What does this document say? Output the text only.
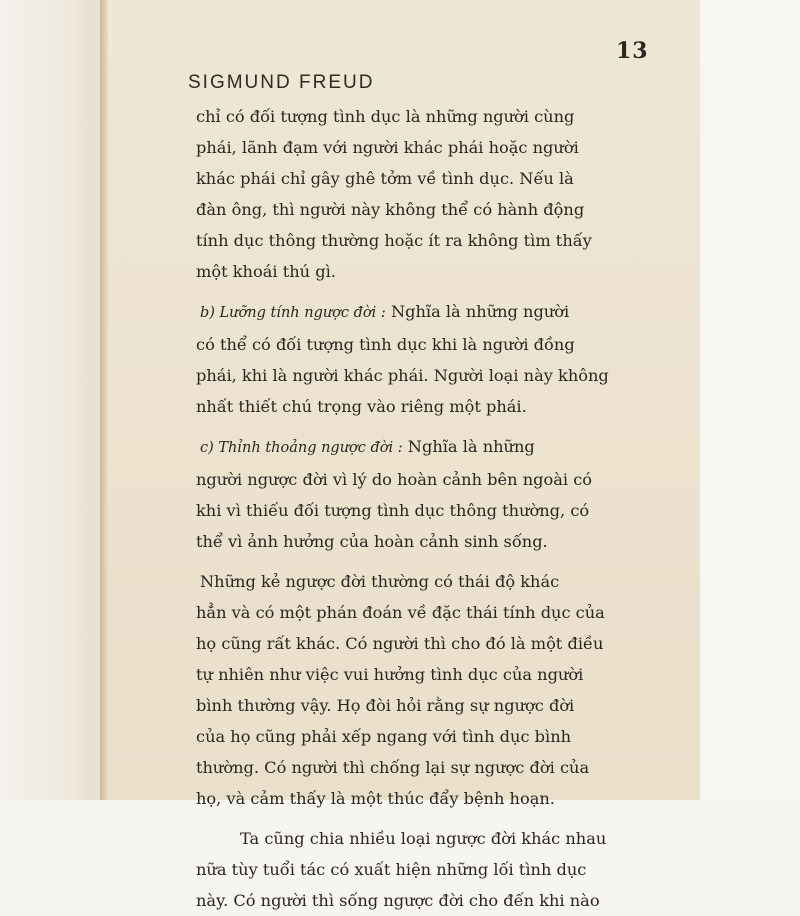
13
SIGMUND FREUD
chỉ có đối tượng tình dục là những người cùng
phái, lãnh đạm với người khác phái hoặc người
khác phái chỉ gây ghê tởm về tình dục. Nếu là
đàn ông, thì người này không thể có hành động
tính dục thông thường hoặc ít ra không tìm thấy
một khoái thú gì.
b) Lưỡng tính ngược đời : Nghĩa là những người
có thể có đối tượng tình dục khi là người đồng
phái, khi là người khác phái. Người loại này không
nhất thiết chú trọng vào riêng một phái.
c) Thỉnh thoảng ngược đời : Nghĩa là những
người ngược đời vì lý do hoàn cảnh bên ngoài có
khi vì thiếu đối tượng tình dục thông thường, có
thể vì ảnh hưởng của hoàn cảnh sinh sống.
Những kẻ ngược đời thường có thái độ khác
hẳn và có một phán đoán về đặc thái tính dục của
họ cũng rất khác. Có người thì cho đó là một điều
tự nhiên như việc vui hưởng tình dục của người
bình thường vậy. Họ đòi hỏi rằng sự ngược đời
của họ cũng phải xếp ngang với tình dục bình
thường. Có người thì chống lại sự ngược đời của
họ, và cảm thấy là một thúc đẩy bệnh hoạn.
Ta cũng chia nhiều loại ngược đời khác nhau
nữa tùy tuổi tác có xuất hiện những lối tình dục
này. Có người thì sống ngược đời cho đến khi nào
